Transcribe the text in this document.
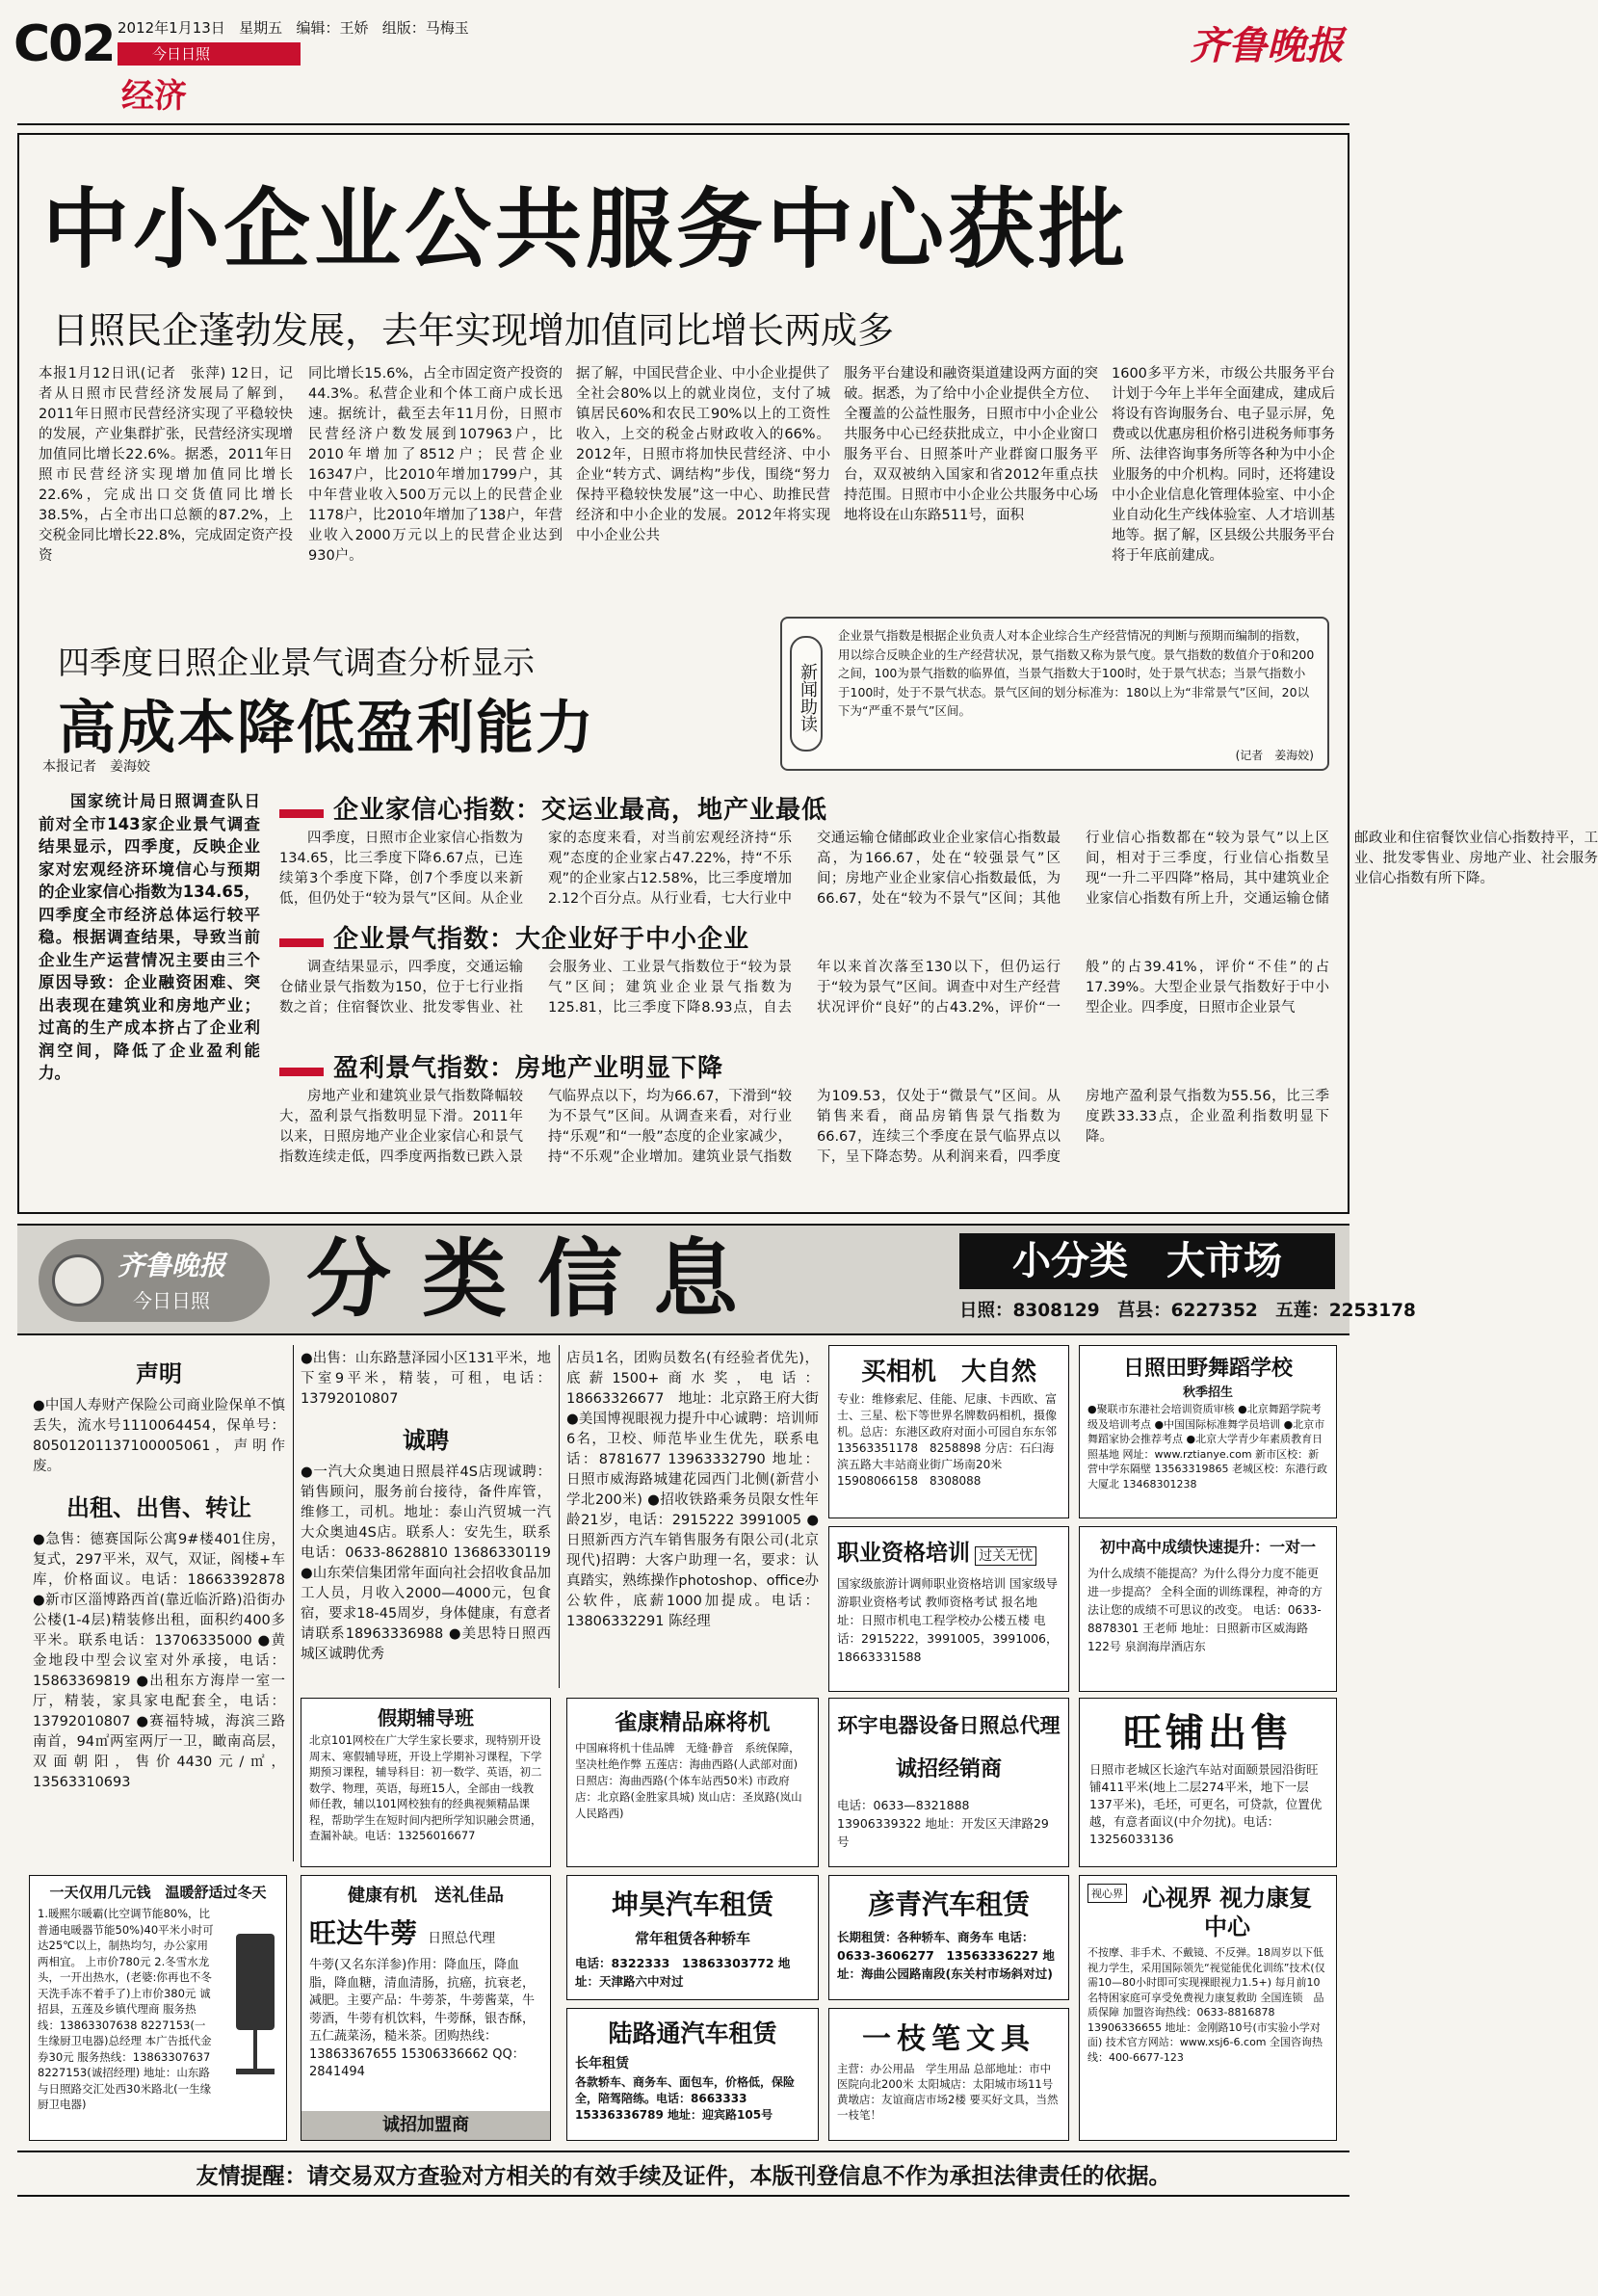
C02 2012年1月13日 星期五 编辑：王娇 组版：马梅玉
今日日照
经济
齐鲁晚报
中小企业公共服务中心获批
日照民企蓬勃发展，去年实现增加值同比增长两成多

本报1月12日讯(记者　张萍) 12日，记者从日照市民营经济发展局了解到，2011年日照市民营经济实现了平稳较快的发展，产业集群扩张，民营经济实现增加值同比增长22.6%。据悉，2011年日照市民营经济实现增加值同比增长22.6%，完成出口交货值同比增长38.5%，占全市出口总额的87.2%，上交税金同比增长22.8%，完成固定资产投资

同比增长15.6%，占全市固定资产投资的44.3%。私营企业和个体工商户成长迅速。据统计，截至去年11月份，日照市民营经济户数发展到107963户，比2010年增加了8512户；民营企业16347户，比2010年增加1799户，其中年营业收入500万元以上的民营企业1178户，比2010年增加了138户，年营业收入2000万元以上的民营企业达到930户。

据了解，中国民营企业、中小企业提供了全社会80%以上的就业岗位，支付了城镇居民60%和农民工90%以上的工资性收入，上交的税金占财政收入的66%。2012年，日照市将加快民营经济、中小企业“转方式、调结构”步伐，围绕“努力保持平稳较快发展”这一中心、助推民营经济和中小企业的发展。2012年将实现中小企业公共

服务平台建设和融资渠道建设两方面的突破。据悉，为了给中小企业提供全方位、全覆盖的公益性服务，日照市中小企业公共服务中心已经获批成立，中小企业窗口服务平台、日照茶叶产业群窗口服务平台，双双被纳入国家和省2012年重点扶持范围。日照市中小企业公共服务中心场地将设在山东路511号，面积

1600多平方米，市级公共服务平台计划于今年上半年全面建成，建成后将设有咨询服务台、电子显示屏，免费或以优惠房租价格引进税务师事务所、法律咨询事务所等各种为中小企业服务的中介机构。同时，还将建设中小企业信息化管理体验室、中小企业自动化生产线体验室、人才培训基地等。据了解，区县级公共服务平台将于年底前建成。

四季度日照企业景气调查分析显示
高成本降低盈利能力
本报记者　姜海姣
新闻助读
企业景气指数是根据企业负责人对本企业综合生产经营情况的判断与预期而编制的指数，用以综合反映企业的生产经营状况，景气指数又称为景气度。景气指数的数值介于0和200之间，100为景气指数的临界值，当景气指数大于100时，处于景气状态；当景气指数小于100时，处于不景气状态。景气区间的划分标准为：180以上为“非常景气”区间，20以下为“严重不景气”区间。
(记者　姜海姣)

国家统计局日照调查队日前对全市143家企业景气调查结果显示，四季度，反映企业家对宏观经济环境信心与预期的企业家信心指数为134.65，四季度全市经济总体运行较平稳。根据调查结果，导致当前企业生产运营情况主要由三个原因导致：企业融资困难、突出表现在建筑业和房地产业；过高的生产成本挤占了企业利润空间，降低了企业盈利能力。

企业家信心指数：交运业最高，地产业最低

四季度，日照市企业家信心指数为134.65，比三季度下降6.67点，已连续第3个季度下降，创7个季度以来新低，但仍处于“较为景气”区间。从企业家的态度来看，对当前宏观经济持“乐观”态度的企业家占47.22%，持“不乐观”的企业家占12.58%，比三季度增加2.12个百分点。从行业看，七大行业中交通运输仓储邮政业企业家信心指数最高，为166.67，处在“较强景气”区间；房地产业企业家信心指数最低，为66.67，处在“较为不景气”区间；其他行业信心指数都在“较为景气”以上区间，相对于三季度，行业信心指数呈现“一升二平四降”格局，其中建筑业企业家信心指数有所上升，交通运输仓储邮政业和住宿餐饮业信心指数持平，工业、批发零售业、房地产业、社会服务业信心指数有所下降。

企业景气指数：大企业好于中小企业

调查结果显示，四季度，交通运输仓储业景气指数为150，位于七行业指数之首；住宿餐饮业、批发零售业、社会服务业、工业景气指数位于“较为景气”区间；建筑业企业景气指数为125.81，比三季度下降8.93点，自去年以来首次落至130以下，但仍运行于“较为景气”区间。调查中对生产经营状况评价“良好”的占43.2%，评价“一般”的占39.41%，评价“不佳”的占17.39%。大型企业景气指数好于中小型企业。四季度，日照市企业景气

盈利景气指数：房地产业明显下降

房地产业和建筑业景气指数降幅较大，盈利景气指数明显下滑。2011年以来，日照房地产业企业家信心和景气指数连续走低，四季度两指数已跌入景气临界点以下，均为66.67，下滑到“较为不景气”区间。从调查来看，对行业持“乐观”和“一般”态度的企业家减少，持“不乐观”企业增加。建筑业景气指数为109.53，仅处于“微景气”区间。从销售来看，商品房销售景气指数为66.67，连续三个季度在景气临界点以下，呈下降态势。从利润来看，四季度房地产盈利景气指数为55.56，比三季度跌33.33点，企业盈利指数明显下降。

齐鲁晚报
今日日照 分类信息	小分类　大市场
日照：8308129　莒县：6227352　五莲：2253178
声明

●中国人寿财产保险公司商业险保单不慎丢失，流水号1110064454，保单号：80501201137100005061，声明作废。

出租、出售、转让

●急售：德赛国际公寓9#楼401住房，复式，297平米，双气，双证，阁楼+车库，价格面议。电话：18663392878 ●新市区淄博路西首(靠近临沂路)沿街办公楼(1-4层)精装修出租，面积约400多平米。联系电话：13706335000 ●黄金地段中型会议室对外承接，电话：15863369819 ●出租东方海岸一室一厅，精装，家具家电配套全，电话：13792010807 ●赛福特城，海滨三路南首，94㎡两室两厅一卫，瞰南高层，双面朝阳，售价4430元/㎡，13563310693

●出售：山东路慧泽园小区131平米，地下室9平米，精装，可租，电话：13792010807

诚聘

●一汽大众奥迪日照晨祥4S店现诚聘：销售顾问，服务前台接待，备件库管，维修工，司机。地址：泰山汽贸城一汽大众奥迪4S店。联系人：安先生，联系电话：0633-8628810 13686330119 ●山东荣信集团常年面向社会招收食品加工人员，月收入2000—4000元，包食宿，要求18-45周岁，身体健康，有意者请联系18963336988 ●美思特日照西城区诚聘优秀

店员1名，团购员数名(有经验者优先)，底薪1500+商水奖，电话：18663326677　地址：北京路王府大街 ●美国博视眼视力提升中心诚聘：培训师6名，卫校、师范毕业生优先，联系电话：8781677 13963332790 地址：日照市威海路城建花园西门北侧(新营小学北200米) ●招收铁路乘务员限女性年龄21岁，电话：2915222 3991005 ●日照新西方汽车销售服务有限公司(北京现代)招聘：大客户助理一名，要求：认真踏实，熟练操作photoshop、office办公软件，底薪1000加提成。电话：13806332291 陈经理

买相机　大自然

专业：维修索尼、佳能、尼康、卡西欧、富士、三星、松下等世界名牌数码相机，摄像机。总店：东港区政府对面小可园自东东邻 13563351178　8258898 分店：石臼海滨五路大丰站商业街广场南20米 15908066158　8308088

日照田野舞蹈学校
秋季招生

●聚联市东港社会培训资质审核 ●北京舞蹈学院考级及培训考点 ●中国国际标准舞学员培训 ●北京市舞蹈家协会推荐考点 ●北京大学青少年素质教育日照基地 网址：www.rztianye.com 新市区校：新营中学东隔壁 13563319865 老城区校：东港行政大厦北 13468301238

职业资格培训 过关无忧

国家级旅游计调师职业资格培训 国家级导游职业资格考试 教师资格考试 报名地址：日照市机电工程学校办公楼五楼 电话：2915222，3991005，3991006，18663331588

初中高中成绩快速提升：一对一

为什么成绩不能提高？为什么得分力度不能更进一步提高？ 全科全面的训练课程，神奇的方法让您的成绩不可思议的改变。 电话：0633-8878301 王老师 地址：日照新市区威海路122号 泉润海岸酒店东

假期辅导班

北京101网校在广大学生家长要求，现特别开设周末、寒假辅导班，开设上学期补习课程，下学期预习课程，辅导科目：初一数学、英语，初二数学、物理，英语，每班15人，全部由一线教师任教，辅以101网校独有的经典视频精品课程，帮助学生在短时间内把所学知识融会贯通，查漏补缺。电话：13256016677

雀康精品麻将机

中国麻将机十佳品牌　无缝·静音　系统保障，坚决杜绝作弊 五莲店：海曲西路(人武部对面) 日照店：海曲西路(个体车站西50米) 市政府店：北京路(金胜家具城) 岚山店：圣岚路(岚山人民路西)

环宇电器设备日照总代理
诚招经销商

电话：0633—8321888　13906339322 地址：开发区天津路29号

旺铺出售

日照市老城区长途汽车站对面颐景园沿街旺铺411平米(地上二层274平米，地下一层137平米)，毛坯，可更名，可贷款，位置优越，有意者面议(中介勿扰)。电话：13256033136

一天仅用几元钱　温暖舒适过冬天

1.暖熙尔暖霸(比空调节能80%，比普通电暖器节能50%)40平米小时可达25℃以上，制热均匀，办公家用两相宜。 上市价780元 2.冬雪水龙头，一开出热水，(老婆:你再也不冬天洗手冻不着手了)上市价380元 诚招县，五莲及乡镇代理商 服务热线：13863307638 8227153(一生缘厨卫电器)总经理 本广告抵代金券30元 服务热线：13863307637 8227153(诚招经理) 地址：山东路与日照路交汇处西30米路北(一生缘厨卫电器)

健康有机　送礼佳品
旺达牛蒡 日照总代理

牛蒡(又名东洋参)作用：降血压，降血脂，降血糖，清血清肠，抗癌，抗衰老，减肥。主要产品：牛蒡茶，牛蒡酱菜，牛蒡酒，牛蒡有机饮料，牛蒡酥，银杏酥，五仁蔬菜汤，糙米茶。团购热线：13863367655 15306336662 QQ：2841494

诚招加盟商
坤昊汽车租赁
常年租赁各种轿车

电话：8322333　13863303772 地址：天津路六中对过

彦青汽车租赁

长期租赁：各种轿车、商务车 电话：0633-3606277　13563336227 地址：海曲公园路南段(东关村市场斜对过)

视心界 心视界 视力康复中心

不按摩、非手术、不戴镜、不反弹。18周岁以下低视力学生，采用国际领先“视觉能优化训练”技术(仅需10—80小时即可实现裸眼视力1.5+) 每月前10名特困家庭可享受免费视力康复救助 全国连锁　品质保障 加盟咨询热线：0633-8816878　13906336655 地址：金刚路10号(市实验小学对面) 技术官方网站：www.xsj6-6.com 全国咨询热线：400-6677-123

陆路通汽车租赁
长年租赁

各款轿车、商务车、面包车，价格低，保险全，陪驾陪练。电话：8663333 15336336789 地址：迎宾路105号

一枝笔文具

主营：办公用品　学生用品 总部地址：市中医院向北200米 太阳城店：太阳城市场11号 黄墩店：友谊商店市场2楼 要买好文具，当然一枝笔！

友情提醒：请交易双方查验对方相关的有效手续及证件，本版刊登信息不作为承担法律责任的依据。
